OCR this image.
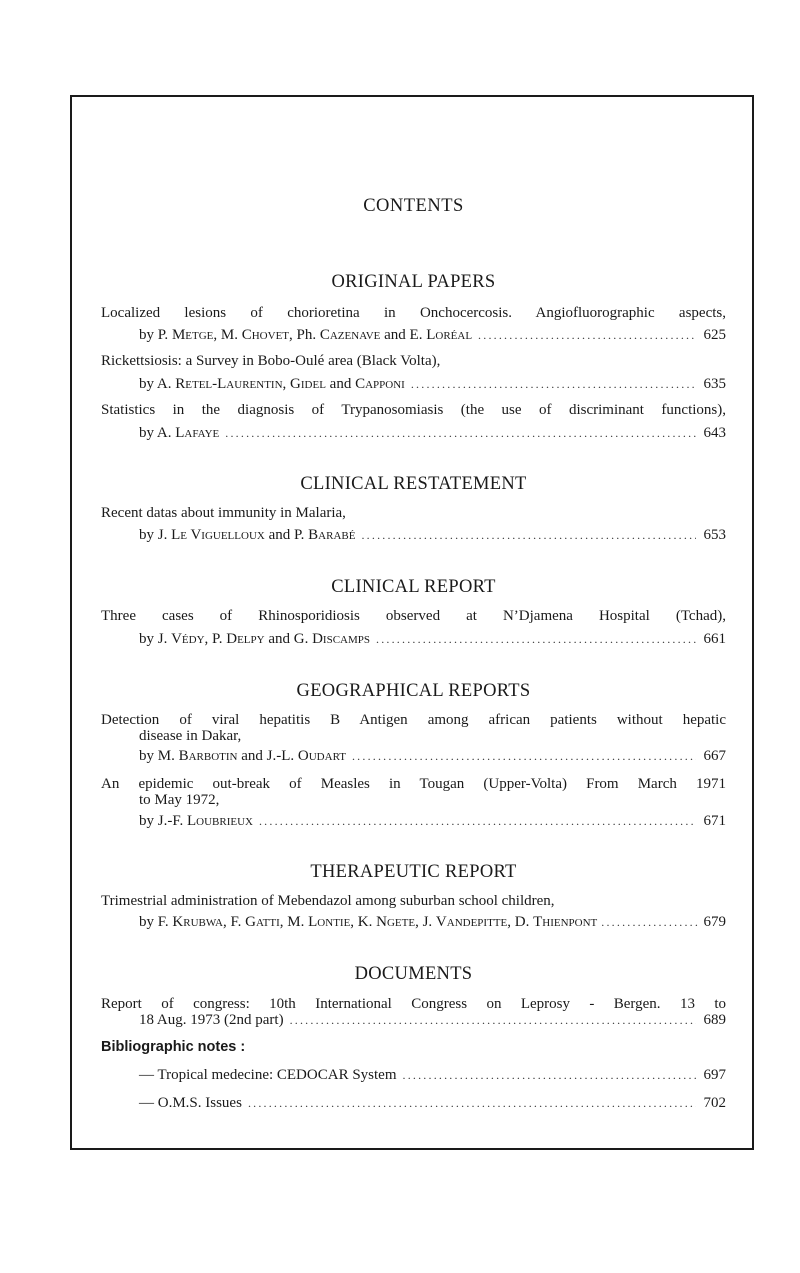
CONTENTS
ORIGINAL PAPERS
Localized lesions of chorioretina in Onchocercosis. Angiofluorographic aspects,
by P. Metge, M. Chovet, Ph. Cazenave and E. Loréal .....	625
Rickettsiosis: a Survey in Bobo-Oulé area (Black Volta),
by A. Retel-Laurentin, Gidel and Capponi .....	635
Statistics in the diagnosis of Trypanosomiasis (the use of discriminant functions),
by A. Lafaye .....	643
CLINICAL RESTATEMENT
Recent datas about immunity in Malaria,
by J. Le Viguelloux and P. Barabé .....	653
CLINICAL REPORT
Three cases of Rhinosporidiosis observed at N’Djamena Hospital (Tchad),
by J. Védy, P. Delpy and G. Discamps .....	661
GEOGRAPHICAL REPORTS
Detection of viral hepatitis B Antigen among african patients without hepatic
disease in Dakar,
by M. Barbotin and J.-L. Oudart .....	667
An epidemic out-break of Measles in Tougan (Upper-Volta) From March 1971
to May 1972,
by J.-F. Loubrieux .....	671
THERAPEUTIC REPORT
Trimestrial administration of Mebendazol among suburban school children,
by F. Krubwa, F. Gatti, M. Lontie, K. Ngete, J. Vandepitte, D. Thienpont .....	679
DOCUMENTS
Report of congress: 10th International Congress on Leprosy - Bergen. 13 to
18 Aug. 1973 (2nd part) .....	689
Bibliographic notes :
— Tropical medecine: CEDOCAR System .....	697
— O.M.S. Issues .....	702
